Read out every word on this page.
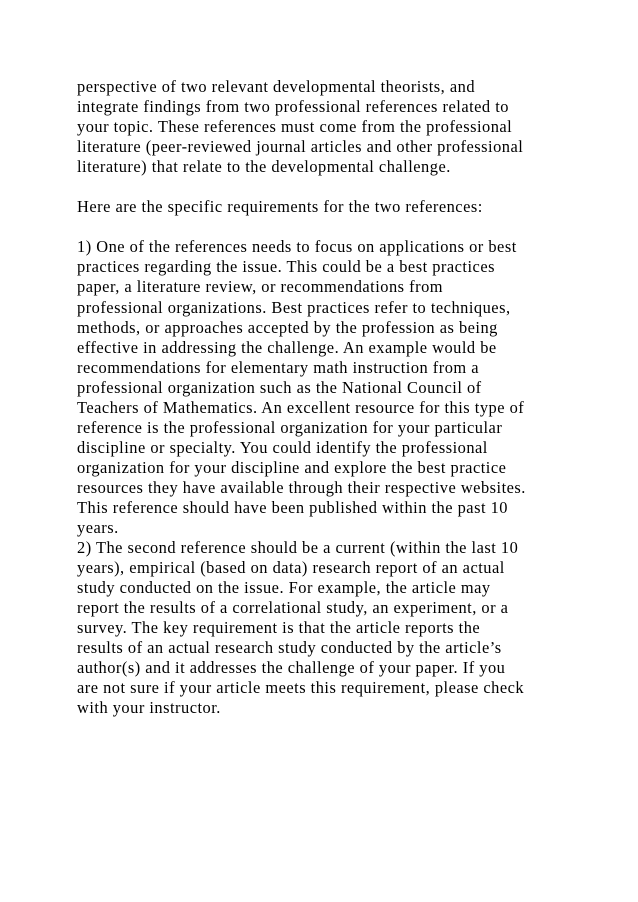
perspective of two relevant developmental theorists, and
integrate findings from two professional references related to
your topic. These references must come from the professional
literature (peer-reviewed journal articles and other professional
literature) that relate to the developmental challenge.
Here are the specific requirements for the two references:
1) One of the references needs to focus on applications or best
practices regarding the issue. This could be a best practices
paper, a literature review, or recommendations from
professional organizations. Best practices refer to techniques,
methods, or approaches accepted by the profession as being
effective in addressing the challenge. An example would be
recommendations for elementary math instruction from a
professional organization such as the National Council of
Teachers of Mathematics. An excellent resource for this type of
reference is the professional organization for your particular
discipline or specialty. You could identify the professional
organization for your discipline and explore the best practice
resources they have available through their respective websites.
This reference should have been published within the past 10
years.
2) The second reference should be a current (within the last 10
years), empirical (based on data) research report of an actual
study conducted on the issue. For example, the article may
report the results of a correlational study, an experiment, or a
survey. The key requirement is that the article reports the
results of an actual research study conducted by the article’s
author(s) and it addresses the challenge of your paper. If you
are not sure if your article meets this requirement, please check
with your instructor.
